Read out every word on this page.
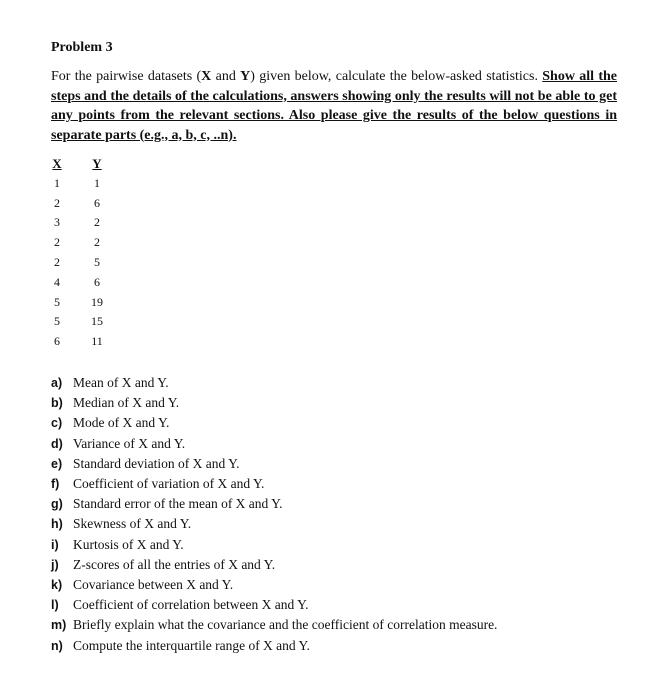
Problem 3
For the pairwise datasets (X and Y) given below, calculate the below-asked statistics. Show all the steps and the details of the calculations, answers showing only the results will not be able to get any points from the relevant sections. Also please give the results of the below questions in separate parts (e.g., a, b, c, ..n).
X Y
1	1
2	6
3	2
2	2
2	5
4	6
5	19
5	15
6	11
a) Mean of X and Y.
b) Median of X and Y.
c) Mode of X and Y.
d) Variance of X and Y.
e) Standard deviation of X and Y.
f) Coefficient of variation of X and Y.
g) Standard error of the mean of X and Y.
h) Skewness of X and Y.
i) Kurtosis of X and Y.
j) Z-scores of all the entries of X and Y.
k) Covariance between X and Y.
l) Coefficient of correlation between X and Y.
m) Briefly explain what the covariance and the coefficient of correlation measure.
n) Compute the interquartile range of X and Y.
